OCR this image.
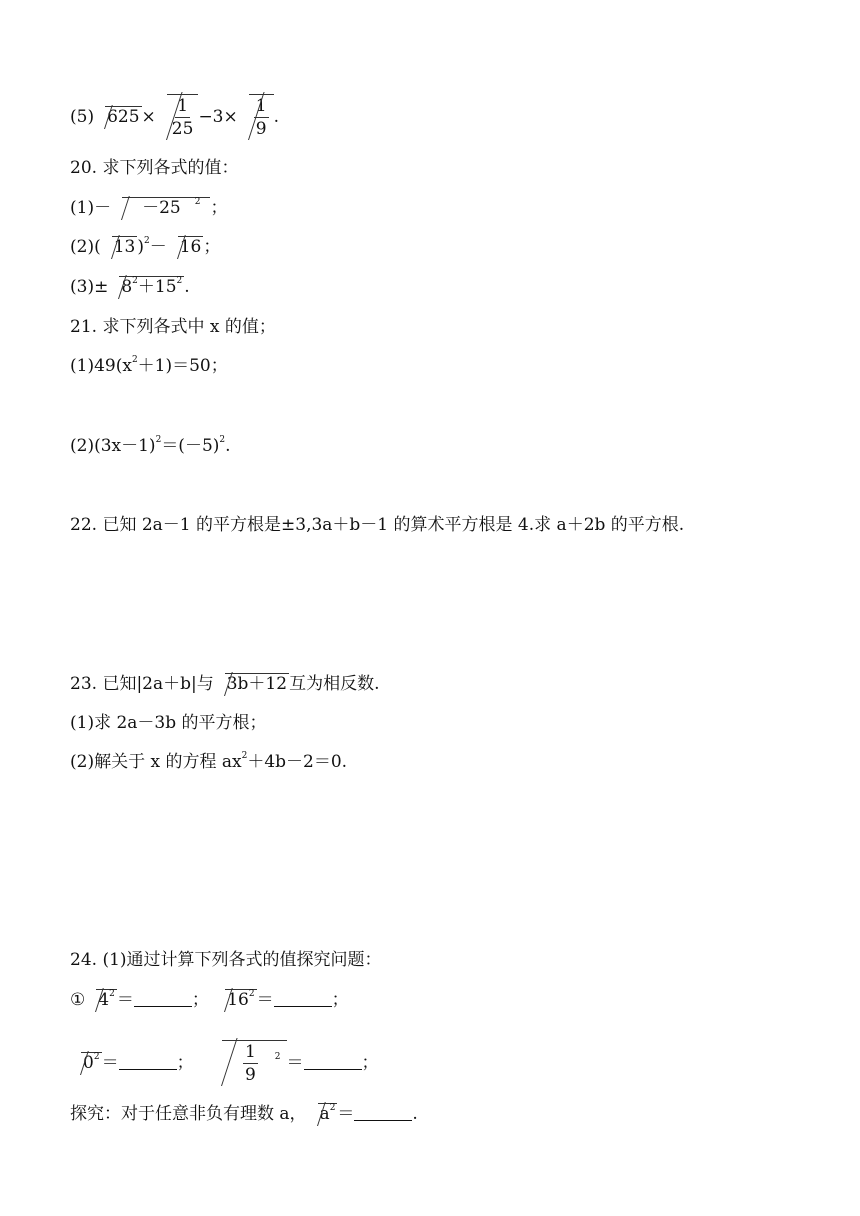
(5) $625 \times \frac{1}{25} -3\times \frac{1}{9}$ .
20. 求下列各式的值：
(1)－ －25 $^2$ ；
(2)( 13 )$^2$－ 16 ；
$(3)\pm 8^2+15^2$ .
21. 求下列各式中 x 的值；
$(1)49(x^2+1)=50$；
$(2)(3x-1)^2=(-5)^2$.
22. 已知 2a－1 的平方根是±3,3a＋b－1 的算术平方根是 4.求 a＋2b 的平方根.
23. 已知|2a＋b|与 3b＋12 互为相反数.
(1)求 2a－3b 的平方根；
(2)解关于 x 的方程 $ax^2+4b-2=0$.
24. (1)通过计算下列各式的值探究问题：
① $4^2$ ＝	； $16^2$ ＝	；
$0^2$ ＝	；	$\frac{1}{9} ^2$ ＝	；
探究：对于任意非负有理数 a， $a^2$ ＝	.
